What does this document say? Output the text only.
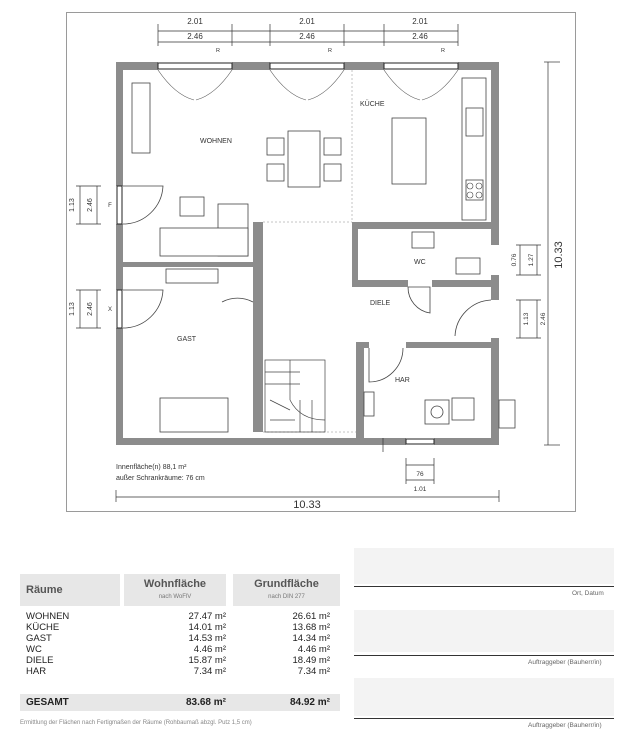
2.01
2.46
R
2.01
2.46
R
2.01
2.46
R
WOHNEN
KÜCHE
WC
DIELE
GAST
HAR
1.13 2.46 F
1.13 2.46 X
0.76 1.27
1.13 2.46
10.33
10.33
76
1.01
Innenfläche(n) 88,1 m²
außer Schrankräume: 76 cm
Räume	Wohnfläche
nach WoFlV
Grundfläche
nach DIN 277
WOHNEN	27.47 m²	26.61 m²
KÜCHE	14.01 m²	13.68 m²
GAST	14.53 m²	14.34 m²
WC	4.46 m²	4.46 m²
DIELE	15.87 m²	18.49 m²
HAR	7.34 m²	7.34 m²
GESAMT	83.68 m²	84.92 m²
Ermittlung der Flächen nach Fertigmaßen der Räume (Rohbaumaß abzgl. Putz 1,5 cm)
Ort, Datum
Auftraggeber (Bauherr/in)
Auftraggeber (Bauherr/in)
